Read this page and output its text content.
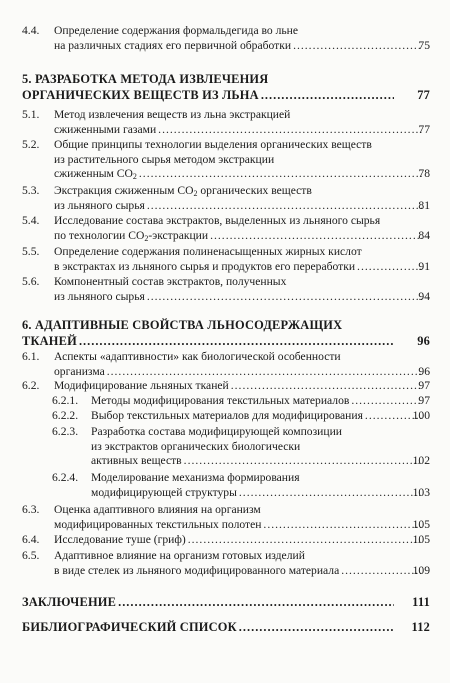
4.4. Определение содержания формальдегида во льне
на различных стадиях его первичной обработки .....	75
5. РАЗРАБОТКА МЕТОДА ИЗВЛЕЧЕНИЯ
ОРГАНИЧЕСКИХ ВЕЩЕСТВ ИЗ ЛЬНА .....	77
5.1. Метод извлечения веществ из льна экстракцией
сжиженными газами .....	77
5.2. Общие принципы технологии выделения органических веществ
из растительного сырья методом экстракции
сжиженным $СО_2$ .....	78
5.3. Экстракция сжиженным $СО_2$ органических веществ
из льняного сырья .....	81
5.4. Исследование состава экстрактов, выделенных из льняного сырья
по технологии $СО_2$-экстракции .....	84
5.5. Определение содержания полиненасыщенных жирных кислот
в экстрактах из льняного сырья и продуктов его переработки .....	91
5.6. Компонентный состав экстрактов, полученных
из льняного сырья .....	94
6. АДАПТИВНЫЕ СВОЙСТВА ЛЬНОСОДЕРЖАЩИХ
ТКАНЕЙ .....	96
6.1. Аспекты «адаптивности» как биологической особенности
организма .....	96
6.2. Модифицирование льняных тканей .....	97
6.2.1. Методы модифицирования текстильных материалов .....	97
6.2.2. Выбор текстильных материалов для модифицирования .....	100
6.2.3. Разработка состава модифицирующей композиции
из экстрактов органических биологически
активных веществ .....	102
6.2.4. Моделирование механизма формирования
модифицирующей структуры .....	103
6.3. Оценка адаптивного влияния на организм
модифицированных текстильных полотен .....	105
6.4. Исследование туше (гриф) .....	105
6.5. Адаптивное влияние на организм готовых изделий
в виде стелек из льняного модифицированного материала .....	109
ЗАКЛЮЧЕНИЕ .....	111
БИБЛИОГРАФИЧЕСКИЙ СПИСОК .....	112
